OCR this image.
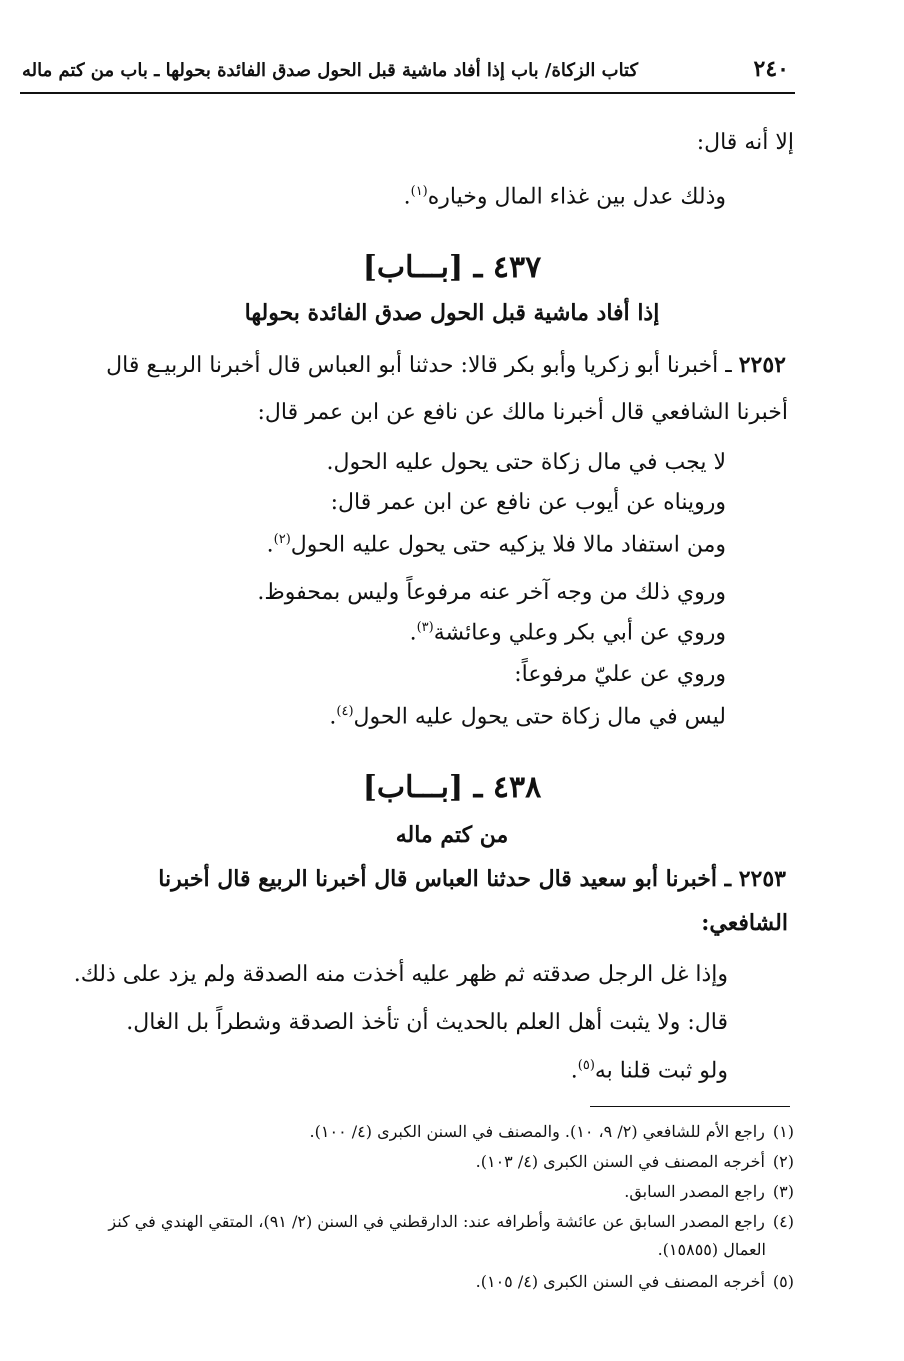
٢٤٠
كتاب الزكاة/ باب إذا أفاد ماشية قبل الحول صدق الفائدة بحولها ـ باب من كتم ماله
إلا أنه قال:
وذلك عدل بين غذاء المال وخياره$^{(١)}$.
٤٣٧ ـ [بـــاب]
إذا أفاد ماشية قبل الحول صدق الفائدة بحولها
٢٢٥٢ ـ أخبرنا أبو زكريا وأبو بكر قالا: حدثنا أبو العباس قال أخبرنا الربيـع قال
أخبرنا الشافعي قال أخبرنا مالك عن نافع عن ابن عمر قال:
لا يجب في مال زكاة حتى يحول عليه الحول.
ورويناه عن أيوب عن نافع عن ابن عمر قال:
ومن استفاد مالا فلا يزكيه حتى يحول عليه الحول$^{(٢)}$.
وروي ذلك من وجه آخر عنه مرفوعاً وليس بمحفوظ.
وروي عن أبي بكر وعلي وعائشة$^{(٣)}$.
وروي عن عليّ مرفوعاً:
ليس في مال زكاة حتى يحول عليه الحول$^{(٤)}$.
٤٣٨ ـ [بـــاب]
من كتم ماله
٢٢٥٣ ـ أخبرنا أبو سعيد قال حدثنا العباس قال أخبرنا الربيع قال أخبرنا
الشافعي:
وإذا غل الرجل صدقته ثم ظهر عليه أخذت منه الصدقة ولم يزد على ذلك.
قال: ولا يثبت أهل العلم بالحديث أن تأخذ الصدقة وشطراً بل الغال.
ولو ثبت قلنا به$^{(٥)}$.
(١)راجع الأم للشافعي (٢/ ٩، ١٠). والمصنف في السنن الكبرى (٤/ ١٠٠).
(٢)أخرجه المصنف في السنن الكبرى (٤/ ١٠٣).
(٣)راجع المصدر السابق.
(٤)راجع المصدر السابق عن عائشة وأطرافه عند: الدارقطني في السنن (٢/ ٩١)، المتقي الهندي في كنز
العمال (١٥٨٥٥).
(٥)أخرجه المصنف في السنن الكبرى (٤/ ١٠٥).
